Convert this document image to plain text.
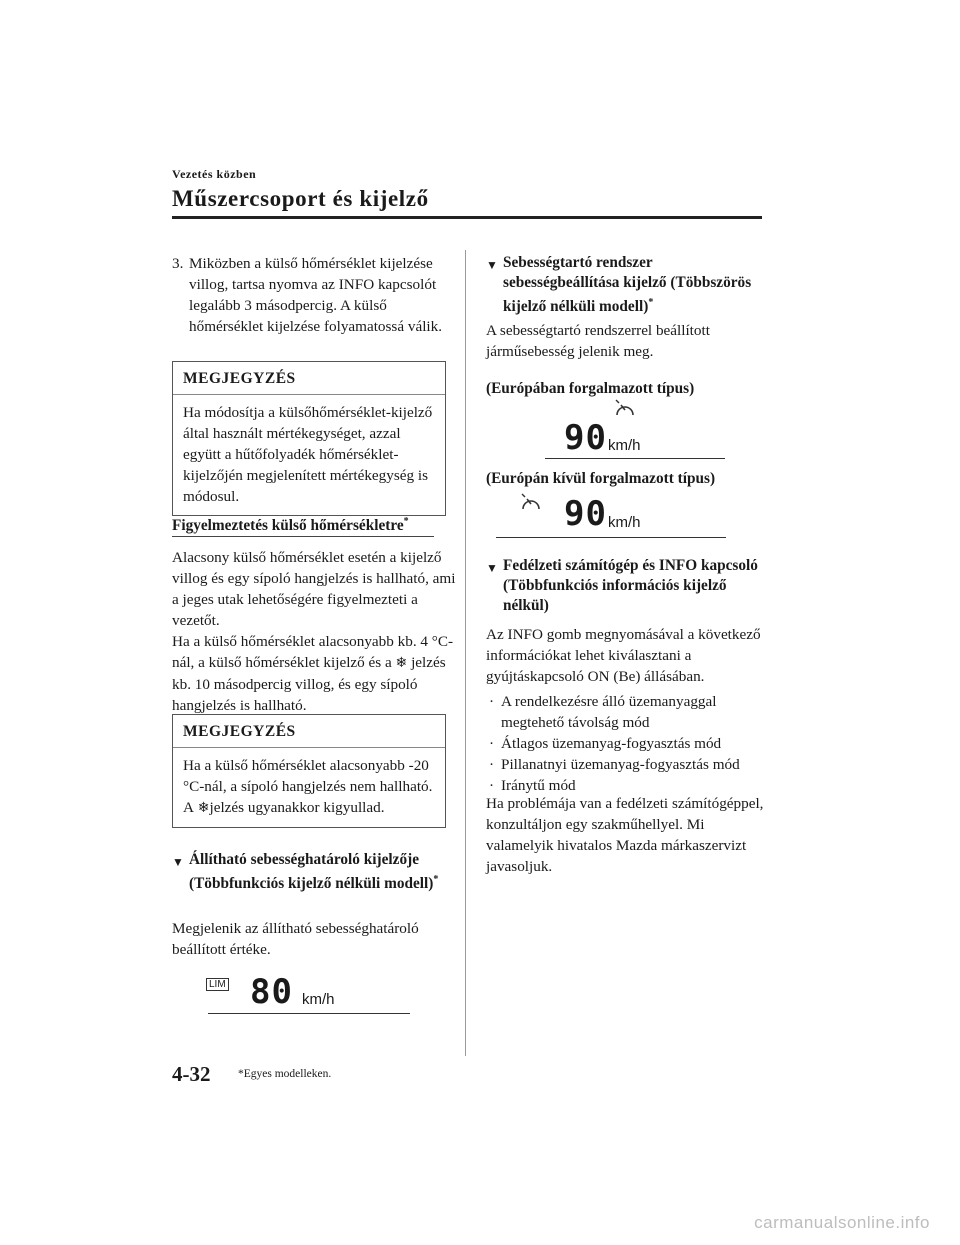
Vezetés közben
Műszercsoport és kijelző
3. Miközben a külső hőmérséklet kijelzése villog, tartsa nyomva az INFO kapcsolót legalább 3 másodpercig. A külső hőmérséklet kijelzése folyamatossá válik.
MEGJEGYZÉS
Ha módosítja a külsőhőmérséklet-kijelző által használt mértékegységet, azzal együtt a hűtőfolyadék hőmérséklet-kijelzőjén megjelenített mértékegység is módosul.
Figyelmeztetés külső hőmérsékletre*
Alacsony külső hőmérséklet esetén a kijelző villog és egy sípoló hangjelzés is hallható, ami a jeges utak lehetőségére figyelmezteti a vezetőt.
Ha a külső hőmérséklet alacsonyabb kb. 4 °C-nál, a külső hőmérséklet kijelző és a ❄ jelzés kb. 10 másodpercig villog, és egy sípoló hangjelzés is hallható.
MEGJEGYZÉS
Ha a külső hőmérséklet alacsonyabb -20 °C-nál, a sípoló hangjelzés nem hallható. A ❄jelzés ugyanakkor kigyullad.
▼ Állítható sebességhatároló kijelzője (Többfunkciós kijelző nélküli modell)*
Megjelenik az állítható sebességhatároló beállított értéke.
LIM 80 km/h
▼ Sebességtartó rendszer sebességbeállítása kijelző (Többszörös kijelző nélküli modell)*
A sebességtartó rendszerrel beállított járműsebesség jelenik meg.
(Európában forgalmazott típus)
90 km/h
(Európán kívül forgalmazott típus)
90 km/h
▼ Fedélzeti számítógép és INFO kapcsoló (Többfunkciós információs kijelző nélkül)
Az INFO gomb megnyomásával a következő információkat lehet kiválasztani a gyújtáskapcsoló ON (Be) állásában.
· A rendelkezésre álló üzemanyaggal megtehető távolság mód
· Átlagos üzemanyag-fogyasztás mód
· Pillanatnyi üzemanyag-fogyasztás mód
· Iránytű mód
Ha problémája van a fedélzeti számítógéppel, konzultáljon egy szakműhellyel. Mi valamelyik hivatalos Mazda márkaszervizt javasoljuk.
4-32 *Egyes modelleken.
carmanualsonline.info
